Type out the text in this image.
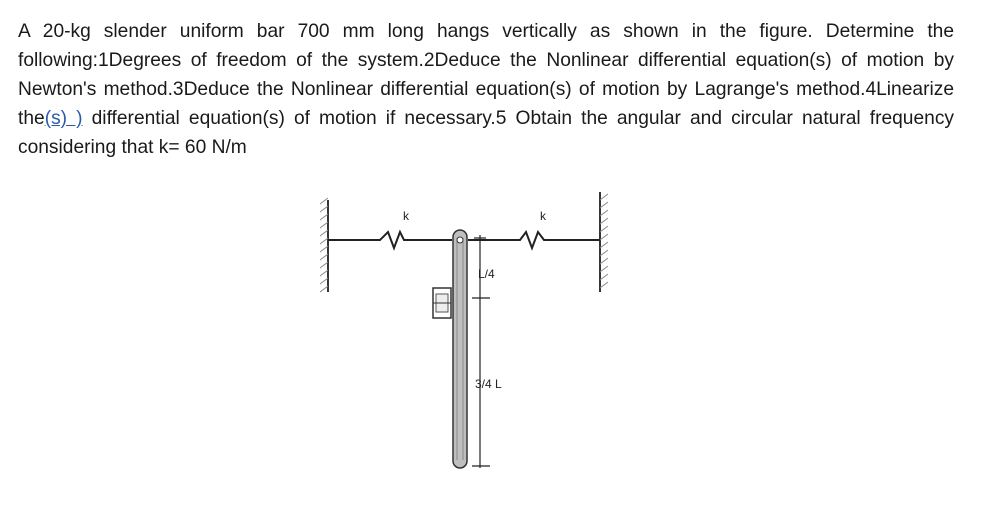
A 20-kg slender uniform bar 700 mm long hangs vertically as shown in the figure. Determine the following:1Degrees of freedom of the system.2Deduce the Nonlinear differential equation(s) of motion by Newton's method.3Deduce the Nonlinear differential equation(s) of motion by Lagrange's method.4Linearize the(s) ) differential equation(s) of motion if necessary.5 Obtain the angular and circular natural frequency considering that k= 60 N/m
k	k
L/4
3/4 L
